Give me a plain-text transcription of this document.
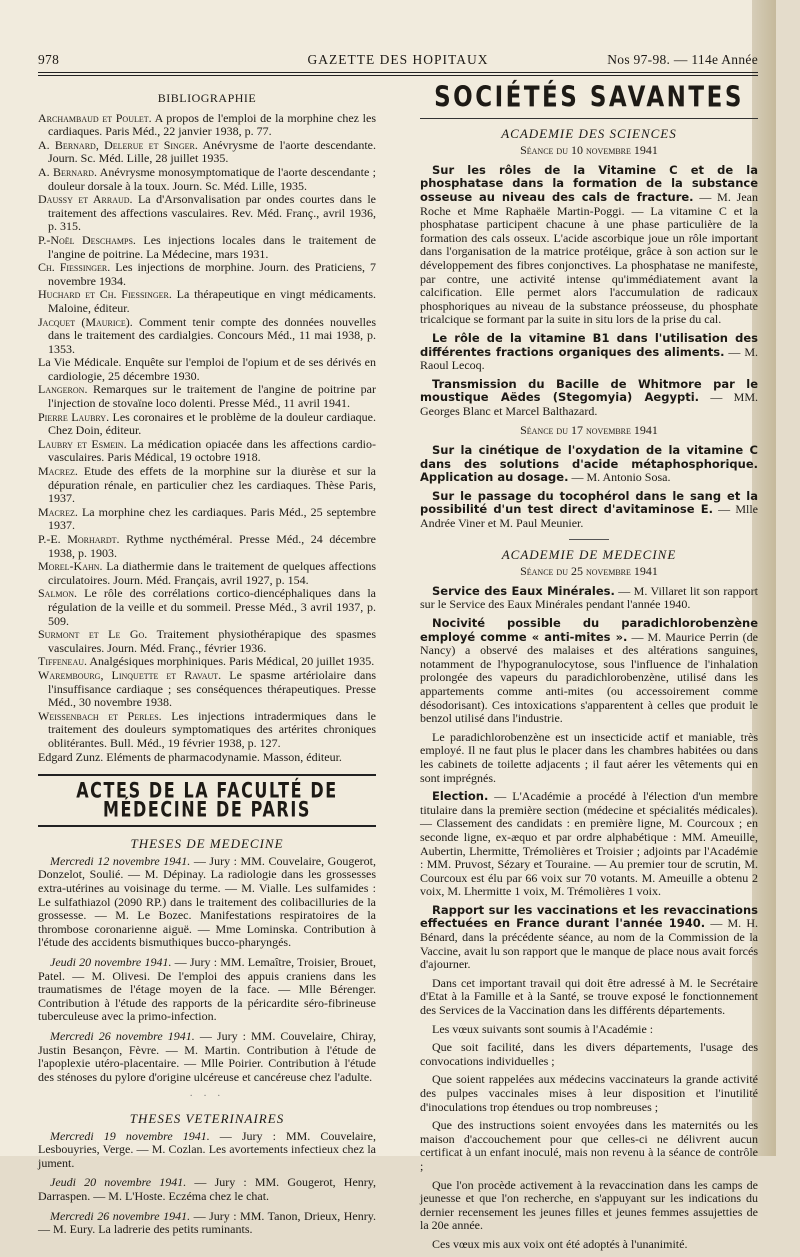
GAZETTE DES HOPITAUX
978	Nos 97-98. — 114e Année
BIBLIOGRAPHIE
Archambaud et Poulet. A propos de l'emploi de la morphine chez les cardiaques. Paris Méd., 22 janvier 1938, p. 77.
A. Bernard, Delerue et Singer. Anévrysme de l'aorte descendante. Journ. Sc. Méd. Lille, 28 juillet 1935.
A. Bernard. Anévrysme monosymptomatique de l'aorte descendante ; douleur dorsale à la toux. Journ. Sc. Méd. Lille, 1935.
Daussy et Arraud. La d'Arsonvalisation par ondes courtes dans le traitement des affections vasculaires. Rev. Méd. Franç., avril 1936, p. 315.
P.-Noël Deschamps. Les injections locales dans le traitement de l'angine de poitrine. La Médecine, mars 1931.
Ch. Fiessinger. Les injections de morphine. Journ. des Praticiens, 7 novembre 1934.
Huchard et Ch. Fiessinger. La thérapeutique en vingt médicaments. Maloine, éditeur.
Jacquet (Maurice). Comment tenir compte des données nouvelles dans le traitement des cardialgies. Concours Méd., 11 mai 1938, p. 1353.
La Vie Médicale. Enquête sur l'emploi de l'opium et de ses dérivés en cardiologie, 25 décembre 1930.
Langeron. Remarques sur le traitement de l'angine de poitrine par l'injection de stovaïne loco dolenti. Presse Méd., 11 avril 1941.
Pierre Laubry. Les coronaires et le problème de la douleur cardiaque. Chez Doin, éditeur.
Laubry et Esmein. La médication opiacée dans les affections cardio-vasculaires. Paris Médical, 19 octobre 1918.
Macrez. Etude des effets de la morphine sur la diurèse et sur la dépuration rénale, en particulier chez les cardiaques. Thèse Paris, 1937.
Macrez. La morphine chez les cardiaques. Paris Méd., 25 septembre 1937.
P.-E. Morhardt. Rythme nycthéméral. Presse Méd., 24 décembre 1938, p. 1903.
Morel-Kahn. La diathermie dans le traitement de quelques affections circulatoires. Journ. Méd. Français, avril 1927, p. 154.
Salmon. Le rôle des corrélations cortico-diencéphaliques dans la régulation de la veille et du sommeil. Presse Méd., 3 avril 1937, p. 509.
Surmont et Le Go. Traitement physiothérapique des spasmes vasculaires. Journ. Méd. Franç., février 1936.
Tiffeneau. Analgésiques morphiniques. Paris Médical, 20 juillet 1935.
Warembourg, Linquette et Ravaut. Le spasme artériolaire dans l'insuffisance cardiaque ; ses conséquences thérapeutiques. Presse Méd., 30 novembre 1938.
Weissenbach et Perles. Les injections intradermiques dans le traitement des douleurs symptomatiques des artérites chroniques oblitérantes. Bull. Méd., 19 février 1938, p. 127.
Edgard Zunz. Eléments de pharmacodynamie. Masson, éditeur.
ACTES DE LA FACULTÉ DE MÉDECINE DE PARIS
THESES DE MEDECINE
Mercredi 12 novembre 1941. — Jury : MM. Couvelaire, Gougerot, Donzelot, Soulié. — M. Dépinay. La radiologie dans les grossesses extra-utérines au voisinage du terme. — M. Vialle. Les sulfamides : Le sulfathiazol (2090 RP.) dans le traitement des colibacilluries de la grossesse. — M. Le Bozec. Manifestations respiratoires de la thrombose coronarienne aiguë. — Mme Lominska. Contribution à l'étude des accidents bismuthiques bucco-pharyngés.
Jeudi 20 novembre 1941. — Jury : MM. Lemaître, Troisier, Brouet, Patel. — M. Olivesi. De l'emploi des appuis craniens dans les traumatismes de l'étage moyen de la face. — Mlle Bérenger. Contribution à l'étude des rapports de la péricardite séro-fibrineuse tuberculeuse avec la primo-infection.
Mercredi 26 novembre 1941. — Jury : MM. Couvelaire, Chiray, Justin Besançon, Fèvre. — M. Martin. Contribution à l'étude de l'apoplexie utéro-placentaire. — Mlle Poirier. Contribution à l'étude des sténoses du pylore d'origine ulcéreuse et cancéreuse chez l'adulte.
· · ·
THESES VETERINAIRES
Mercredi 19 novembre 1941. — Jury : MM. Couvelaire, Lesbouyries, Verge. — M. Cozlan. Les avortements infectieux chez la jument.
Jeudi 20 novembre 1941. — Jury : MM. Gougerot, Henry, Darraspen. — M. L'Hoste. Eczéma chez le chat.
Mercredi 26 novembre 1941. — Jury : MM. Tanon, Drieux, Henry. — M. Eury. La ladrerie des petits ruminants.
SOCIÉTÉS SAVANTES
ACADEMIE DES SCIENCES
Séance du 10 novembre 1941
Sur les rôles de la Vitamine C et de la phosphatase dans la formation de la substance osseuse au niveau des cals de fracture. — M. Jean Roche et Mme Raphaële Martin-Poggi. — La vitamine C et la phosphatase participent chacune à une phase particulière de la formation des cals osseux. L'acide ascorbique joue un rôle important dans l'organisation de la matrice protéique, grâce à son action sur le développement des fibres conjonctives. La phosphatase ne manifeste, par contre, une activité intense qu'immédiatement avant la calcification. Elle permet alors l'accumulation de radicaux phosphoriques au niveau de la substance préosseuse, du phosphate tricalcique se formant par la suite in situ lors de la prise du cal.
Le rôle de la vitamine B1 dans l'utilisation des différentes fractions organiques des aliments. — M. Raoul Lecoq.
Transmission du Bacille de Whitmore par le moustique Aëdes (Stegomyia) Aegypti. — MM. Georges Blanc et Marcel Balthazard.
Séance du 17 novembre 1941
Sur la cinétique de l'oxydation de la vitamine C dans des solutions d'acide métaphosphorique. Application au dosage. — M. Antonio Sosa.
Sur le passage du tocophérol dans le sang et la possibilité d'un test direct d'avitaminose E. — Mlle Andrée Viner et M. Paul Meunier.
ACADEMIE DE MEDECINE
Séance du 25 novembre 1941
Service des Eaux Minérales. — M. Villaret lit son rapport sur le Service des Eaux Minérales pendant l'année 1940.
Nocivité possible du paradichlorobenzène employé comme « anti-mites ». — M. Maurice Perrin (de Nancy) a observé des malaises et des altérations sanguines, notamment de l'hypogranulocytose, sous l'influence de l'inhalation prolongée des vapeurs du paradichlorobenzène, utilisé dans les appartements comme anti-mites (ou accessoirement comme désodorisant). Ces intoxications s'apparentent à celles que produit le benzol utilisé dans l'industrie.
Le paradichlorobenzène est un insecticide actif et maniable, très employé. Il ne faut plus le placer dans les chambres habitées ou dans les cabinets de toilette adjacents ; il faut aérer les vêtements qui en sont imprégnés.
Election. — L'Académie a procédé à l'élection d'un membre titulaire dans la première section (médecine et spécialités médicales). — Classement des candidats : en première ligne, M. Courcoux ; en seconde ligne, ex-æquo et par ordre alphabétique : MM. Ameuille, Aubertin, Lhermitte, Trémolières et Troisier ; adjoints par l'Académie : MM. Pruvost, Sézary et Touraine. — Au premier tour de scrutin, M. Courcoux est élu par 66 voix sur 70 votants. M. Ameuille a obtenu 2 voix, M. Lhermitte 1 voix, M. Trémolières 1 voix.
Rapport sur les vaccinations et les revaccinations effectuées en France durant l'année 1940. — M. H. Bénard, dans la précédente séance, au nom de la Commission de la Vaccine, avait lu son rapport que le manque de place nous avait forcés d'ajourner.
Dans cet important travail qui doit être adressé à M. le Secrétaire d'Etat à la Famille et à la Santé, se trouve exposé le fonctionnement des Services de la Vaccination dans les différents départements.
Les vœux suivants sont soumis à l'Académie :
Que soit facilité, dans les divers départements, l'usage des convocations individuelles ;
Que soient rappelées aux médecins vaccinateurs la grande activité des pulpes vaccinales mises à leur disposition et l'inutilité d'inoculations trop étendues ou trop nombreuses ;
Que des instructions soient envoyées dans les maternités ou les maison d'accouchement pour que celles-ci ne délivrent aucun certificat à un enfant inoculé, mais non revenu à la séance de contrôle ;
Que l'on procède activement à la revaccination dans les camps de jeunesse et que l'on recherche, en s'appuyant sur les indications du dernier recensement les jeunes filles et jeunes femmes assujetties de la 20e année.
Ces vœux mis aux voix ont été adoptés à l'unanimité.
